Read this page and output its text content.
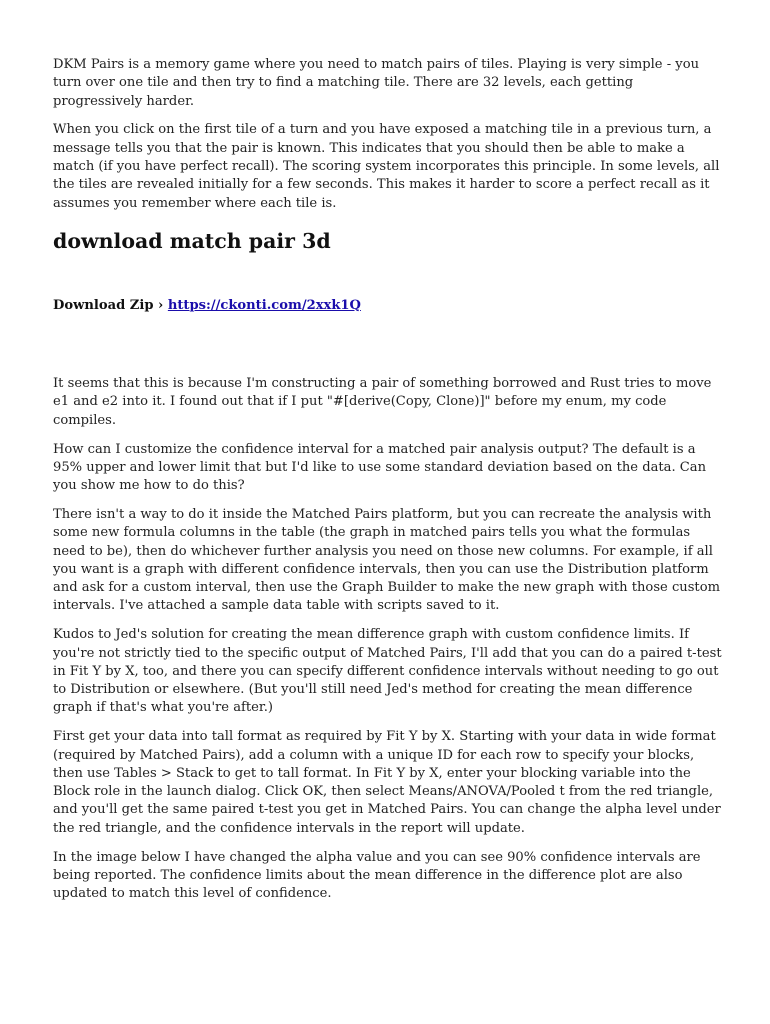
DKM Pairs is a memory game where you need to match pairs of tiles. Playing is very simple - you turn over one tile and then try to find a matching tile. There are 32 levels, each getting progressively harder.

When you click on the first tile of a turn and you have exposed a matching tile in a previous turn, a message tells you that the pair is known. This indicates that you should then be able to make a match (if you have perfect recall). The scoring system incorporates this principle. In some levels, all the tiles are revealed initially for a few seconds. This makes it harder to score a perfect recall as it assumes you remember where each tile is.

download match pair 3d
Download Zip › https://ckonti.com/2xxk1Q

It seems that this is because I'm constructing a pair of something borrowed and Rust tries to move e1 and e2 into it. I found out that if I put "#[derive(Copy, Clone)]" before my enum, my code compiles.

How can I customize the confidence interval for a matched pair analysis output? The default is a 95% upper and lower limit that but I'd like to use some standard deviation based on the data. Can you show me how to do this?

There isn't a way to do it inside the Matched Pairs platform, but you can recreate the analysis with some new formula columns in the table (the graph in matched pairs tells you what the formulas need to be), then do whichever further analysis you need on those new columns. For example, if all you want is a graph with different confidence intervals, then you can use the Distribution platform and ask for a custom interval, then use the Graph Builder to make the new graph with those custom intervals. I've attached a sample data table with scripts saved to it.

Kudos to Jed's solution for creating the mean difference graph with custom confidence limits. If you're not strictly tied to the specific output of Matched Pairs, I'll add that you can do a paired t-test in Fit Y by X, too, and there you can specify different confidence intervals without needing to go out to Distribution or elsewhere. (But you'll still need Jed's method for creating the mean difference graph if that's what you're after.)

First get your data into tall format as required by Fit Y by X. Starting with your data in wide format (required by Matched Pairs), add a column with a unique ID for each row to specify your blocks, then use Tables > Stack to get to tall format. In Fit Y by X, enter your blocking variable into the Block role in the launch dialog. Click OK, then select Means/ANOVA/Pooled t from the red triangle, and you'll get the same paired t-test you get in Matched Pairs. You can change the alpha level under the red triangle, and the confidence intervals in the report will update.

In the image below I have changed the alpha value and you can see 90% confidence intervals are being reported. The confidence limits about the mean difference in the difference plot are also updated to match this level of confidence.
